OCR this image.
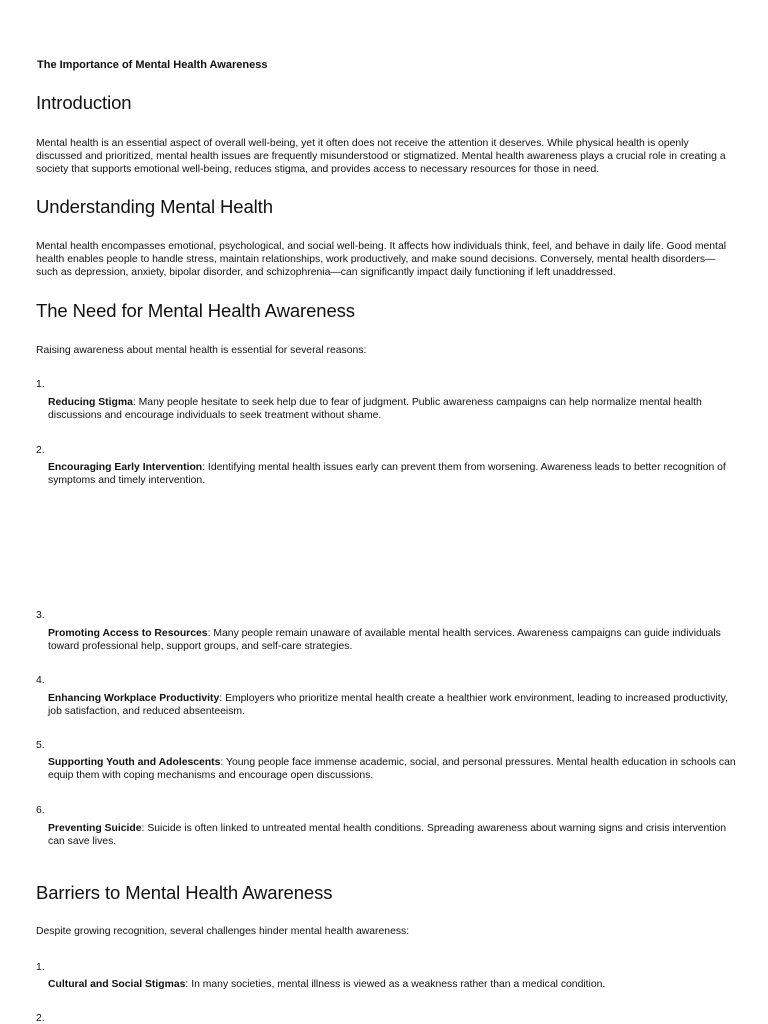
The Importance of Mental Health Awareness

Introduction

Mental health is an essential aspect of overall well-being, yet it often does not receive the attention it deserves. While physical health is openly discussed and prioritized, mental health issues are frequently misunderstood or stigmatized. Mental health awareness plays a crucial role in creating a society that supports emotional well-being, reduces stigma, and provides access to necessary resources for those in need.

Understanding Mental Health

Mental health encompasses emotional, psychological, and social well-being. It affects how individuals think, feel, and behave in daily life. Good mental health enables people to handle stress, maintain relationships, work productively, and make sound decisions. Conversely, mental health disorders—such as depression, anxiety, bipolar disorder, and schizophrenia—can significantly impact daily functioning if left unaddressed.

The Need for Mental Health Awareness

Raising awareness about mental health is essential for several reasons:

1.

Reducing Stigma: Many people hesitate to seek help due to fear of judgment. Public awareness campaigns can help normalize mental health discussions and encourage individuals to seek treatment without shame.

2.

Encouraging Early Intervention: Identifying mental health issues early can prevent them from worsening. Awareness leads to better recognition of symptoms and timely intervention.

3.

Promoting Access to Resources: Many people remain unaware of available mental health services. Awareness campaigns can guide individuals toward professional help, support groups, and self-care strategies.

4.

Enhancing Workplace Productivity: Employers who prioritize mental health create a healthier work environment, leading to increased productivity, job satisfaction, and reduced absenteeism.

5.

Supporting Youth and Adolescents: Young people face immense academic, social, and personal pressures. Mental health education in schools can equip them with coping mechanisms and encourage open discussions.

6.

Preventing Suicide: Suicide is often linked to untreated mental health conditions. Spreading awareness about warning signs and crisis intervention can save lives.

Barriers to Mental Health Awareness

Despite growing recognition, several challenges hinder mental health awareness:

1.

Cultural and Social Stigmas: In many societies, mental illness is viewed as a weakness rather than a medical condition.

2.
